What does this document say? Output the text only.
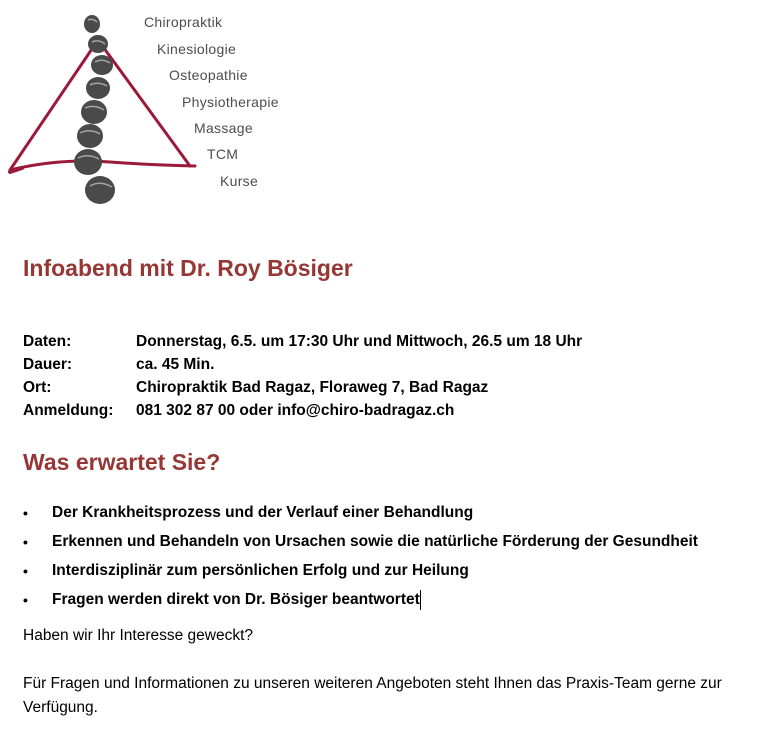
Chiropraktik
Kinesiologie
Osteopathie
Physiotherapie
Massage
TCM
Kurse
Infoabend mit Dr. Roy Bösiger
Daten:	Donnerstag, 6.5. um 17:30 Uhr und Mittwoch, 26.5 um 18 Uhr
Dauer:	ca. 45 Min.
Ort:	Chiropraktik Bad Ragaz, Floraweg 7, Bad Ragaz
Anmeldung:	081 302 87 00 oder info@chiro-badragaz.ch
Was erwartet Sie?
•	Der Krankheitsprozess und der Verlauf einer Behandlung
•	Erkennen und Behandeln von Ursachen sowie die natürliche Förderung der Gesundheit
•	Interdisziplinär zum persönlichen Erfolg und zur Heilung
•	Fragen werden direkt von Dr. Bösiger beantwortet

Haben wir Ihr Interesse geweckt?

Für Fragen und Informationen zu unseren weiteren Angeboten steht Ihnen das Praxis-Team gerne zur Verfügung.
